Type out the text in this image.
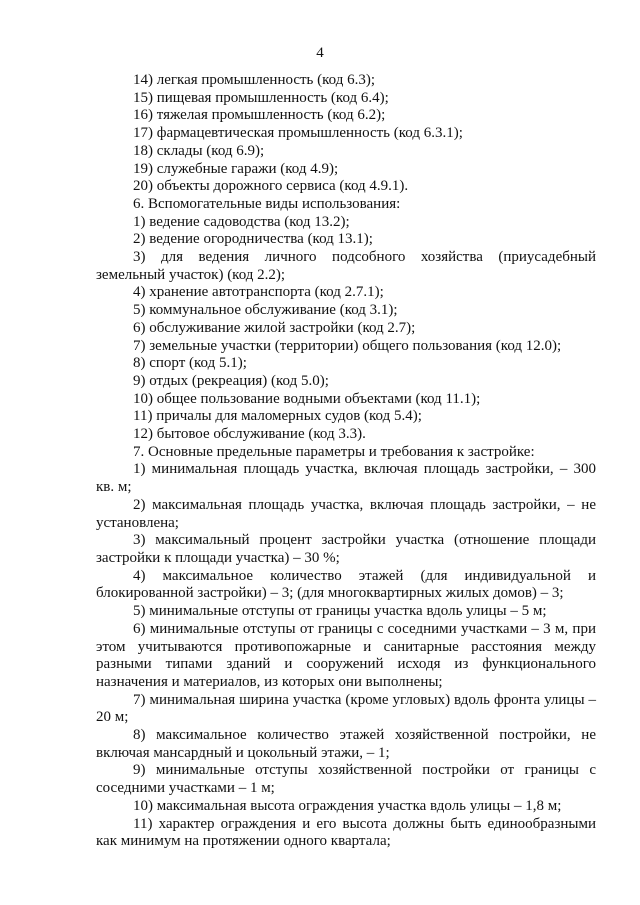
4

14) легкая промышленность (код 6.3);

15) пищевая промышленность (код 6.4);

16) тяжелая промышленность (код 6.2);

17) фармацевтическая промышленность (код 6.3.1);

18) склады (код 6.9);

19) служебные гаражи (код 4.9);

20) объекты дорожного сервиса (код 4.9.1).

6. Вспомогательные виды использования:

1) ведение садоводства (код 13.2);

2) ведение огородничества (код 13.1);

3) для ведения личного подсобного хозяйства (приусадебный земельный участок) (код 2.2);

4) хранение автотранспорта (код 2.7.1);

5) коммунальное обслуживание (код 3.1);

6) обслуживание жилой застройки (код 2.7);

7) земельные участки (территории) общего пользования (код 12.0);

8) спорт (код 5.1);

9) отдых (рекреация) (код 5.0);

10) общее пользование водными объектами (код 11.1);

11) причалы для маломерных судов (код 5.4);

12) бытовое обслуживание (код 3.3).

7. Основные предельные параметры и требования к застройке:

1) минимальная площадь участка, включая площадь застройки, – 300 кв. м;

2) максимальная площадь участка, включая площадь застройки, – не установлена;

3) максимальный процент застройки участка (отношение площади застройки к площади участка) – 30 %;

4) максимальное количество этажей (для индивидуальной и блокированной застройки) – 3; (для многоквартирных жилых домов) – 3;

5) минимальные отступы от границы участка вдоль улицы – 5 м;

6) минимальные отступы от границы с соседними участками – 3 м, при этом учитываются противопожарные и санитарные расстояния между разными типами зданий и сооружений исходя из функционального назначения и материалов, из которых они выполнены;

7) минимальная ширина участка (кроме угловых) вдоль фронта улицы – 20 м;

8) максимальное количество этажей хозяйственной постройки, не включая мансардный и цокольный этажи, – 1;

9) минимальные отступы хозяйственной постройки от границы с соседними участками – 1 м;

10) максимальная высота ограждения участка вдоль улицы – 1,8 м;

11) характер ограждения и его высота должны быть единообразными как минимум на протяжении одного квартала;
